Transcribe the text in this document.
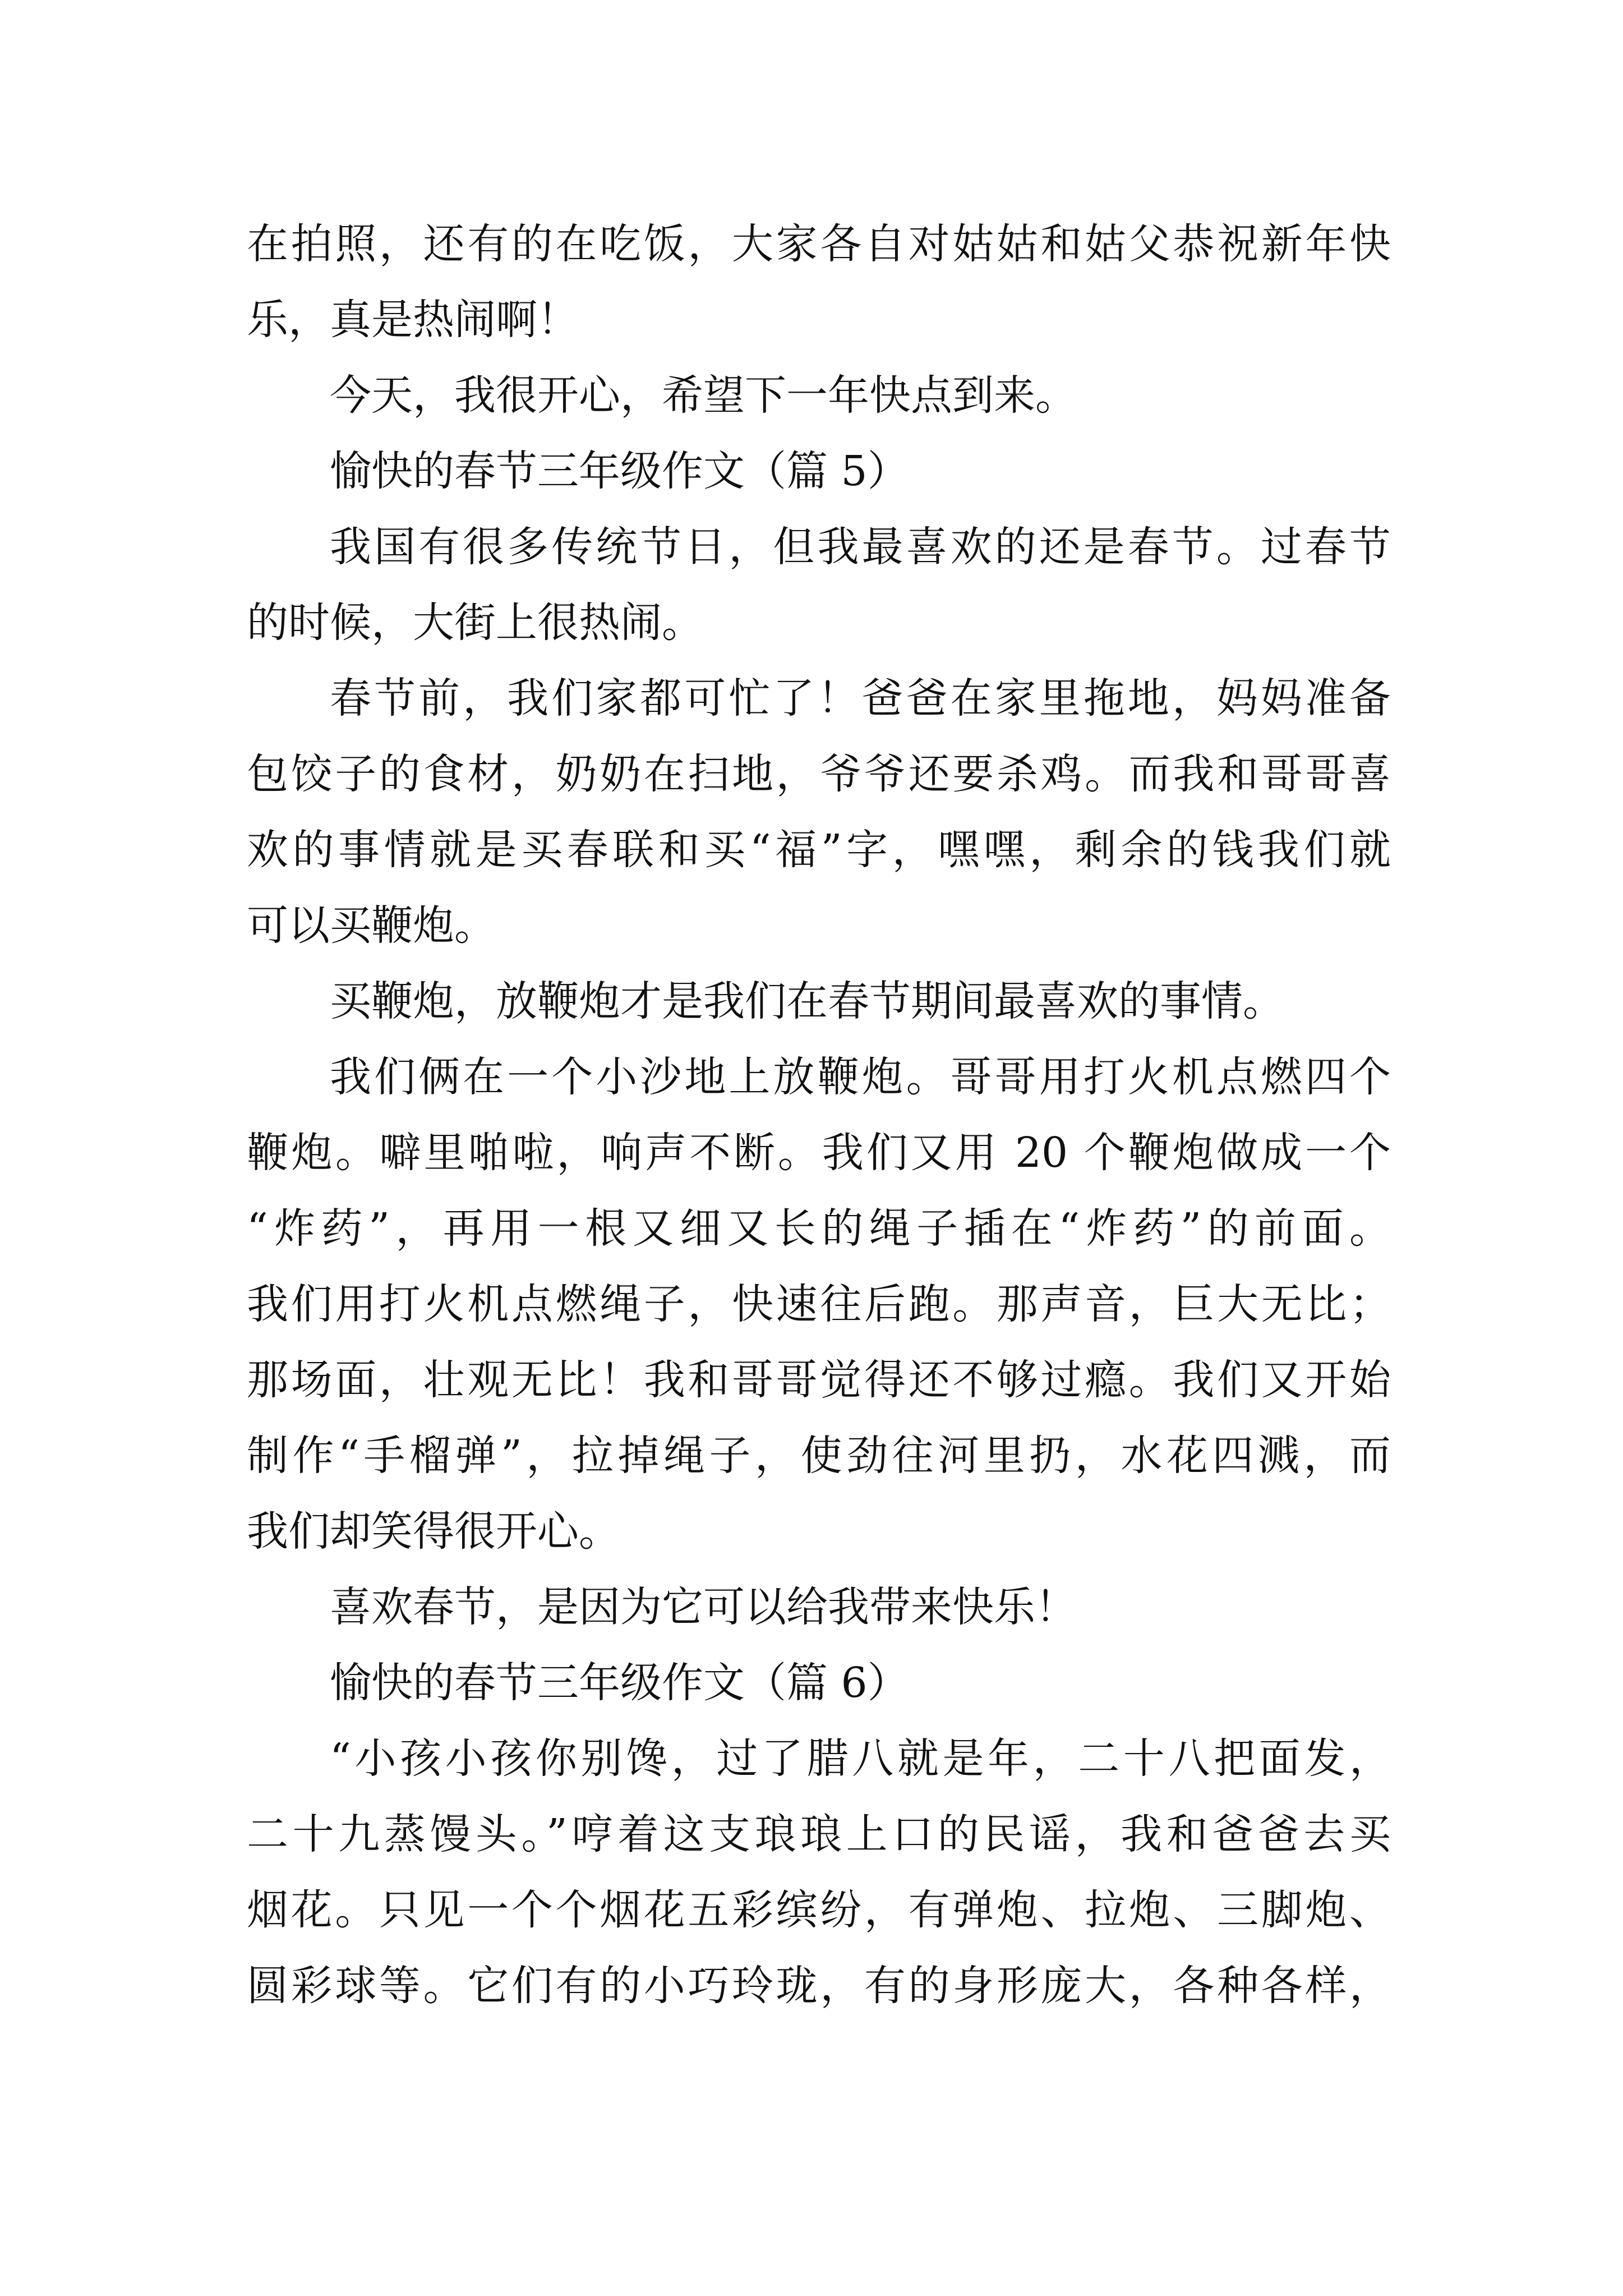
在拍照，还有的在吃饭，大家各自对姑姑和姑父恭祝新年快
乐，真是热闹啊！
今天，我很开心，希望下一年快点到来。
愉快的春节三年级作文（篇 5）
我国有很多传统节日，但我最喜欢的还是春节。过春节
的时候，大街上很热闹。
春节前，我们家都可忙了！爸爸在家里拖地，妈妈准备
包饺子的食材，奶奶在扫地，爷爷还要杀鸡。而我和哥哥喜
欢的事情就是买春联和买“福”字，嘿嘿，剩余的钱我们就
可以买鞭炮。
买鞭炮，放鞭炮才是我们在春节期间最喜欢的事情。
我们俩在一个小沙地上放鞭炮。哥哥用打火机点燃四个
鞭炮。噼里啪啦，响声不断。我们又用 20 个鞭炮做成一个
“炸药”，再用一根又细又长的绳子插在“炸药”的前面。
我们用打火机点燃绳子，快速往后跑。那声音，巨大无比；
那场面，壮观无比！我和哥哥觉得还不够过瘾。我们又开始
制作“手榴弹”，拉掉绳子，使劲往河里扔，水花四溅，而
我们却笑得很开心。
喜欢春节，是因为它可以给我带来快乐！
愉快的春节三年级作文（篇 6）
“小孩小孩你别馋，过了腊八就是年，二十八把面发，
二十九蒸馒头。”哼着这支琅琅上口的民谣，我和爸爸去买
烟花。只见一个个烟花五彩缤纷，有弹炮、拉炮、三脚炮、
圆彩球等。它们有的小巧玲珑，有的身形庞大，各种各样，
